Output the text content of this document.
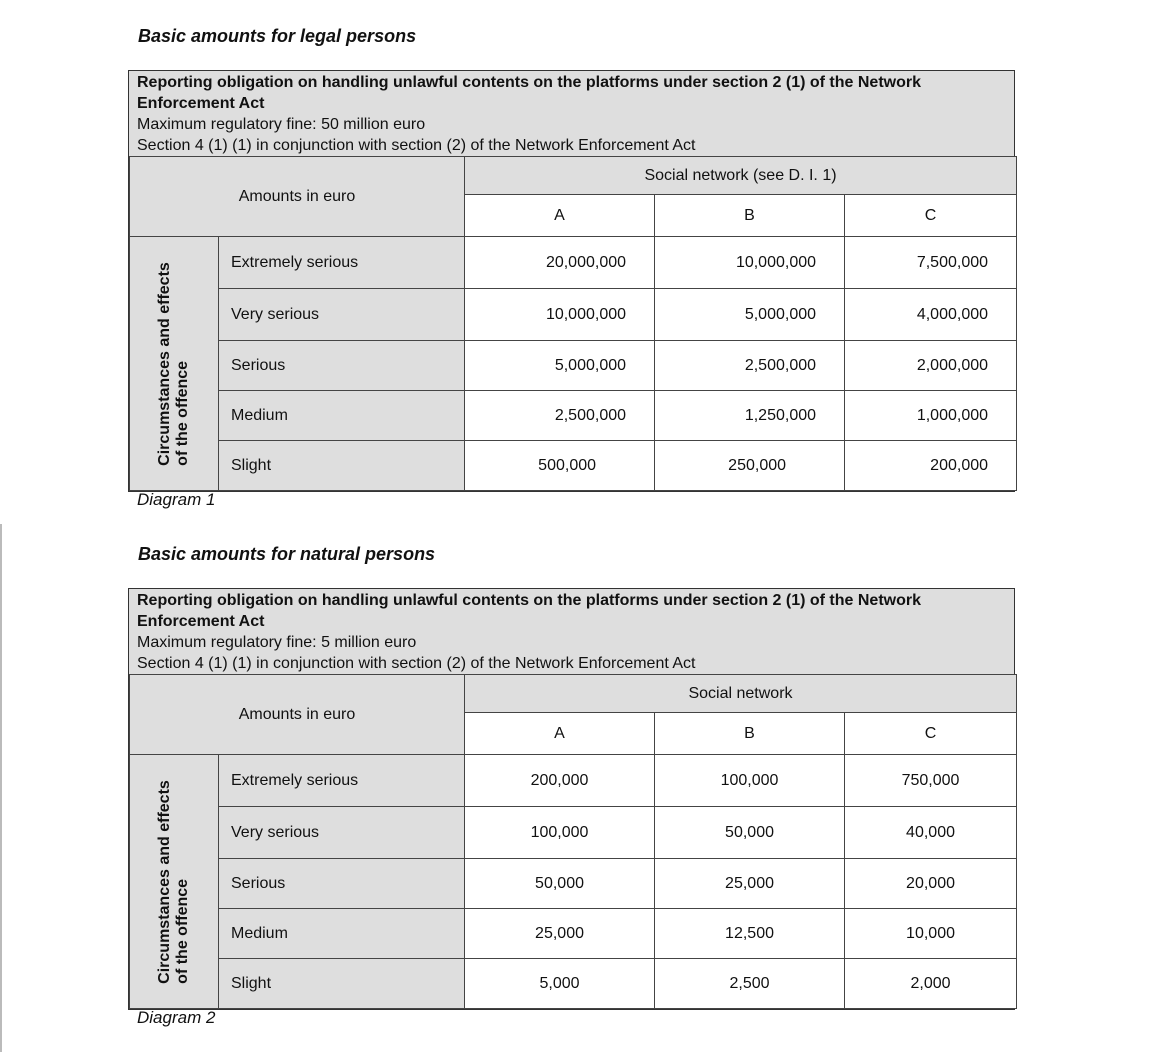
Basic amounts for legal persons
Reporting obligation on handling unlawful contents on the platforms under section 2 (1) of the Network
Enforcement Act
Maximum regulatory fine: 50 million euro
Section 4 (1) (1) in conjunction with section (2) of the Network Enforcement Act
Amounts in euro		Social network (see D. I. 1)		
		A	B	C

Circumstances and effects of the offence	Extremely serious	20,000,000	10,000,000	7,500,000
	Very serious	10,000,000	5,000,000	4,000,000
	Serious	5,000,000	2,500,000	2,000,000
	Medium	2,500,000	1,250,000	1,000,000
	Slight	500,000	250,000	200,000
Diagram 1
Basic amounts for natural persons
Reporting obligation on handling unlawful contents on the platforms under section 2 (1) of the Network
Enforcement Act
Maximum regulatory fine: 5 million euro
Section 4 (1) (1) in conjunction with section (2) of the Network Enforcement Act
Amounts in euro		Social network		
		A	B	C

Circumstances and effects of the offence	Extremely serious	200,000	100,000	750,000
	Very serious	100,000	50,000	40,000
	Serious	50,000	25,000	20,000
	Medium	25,000	12,500	10,000
	Slight	5,000	2,500	2,000
Diagram 2
